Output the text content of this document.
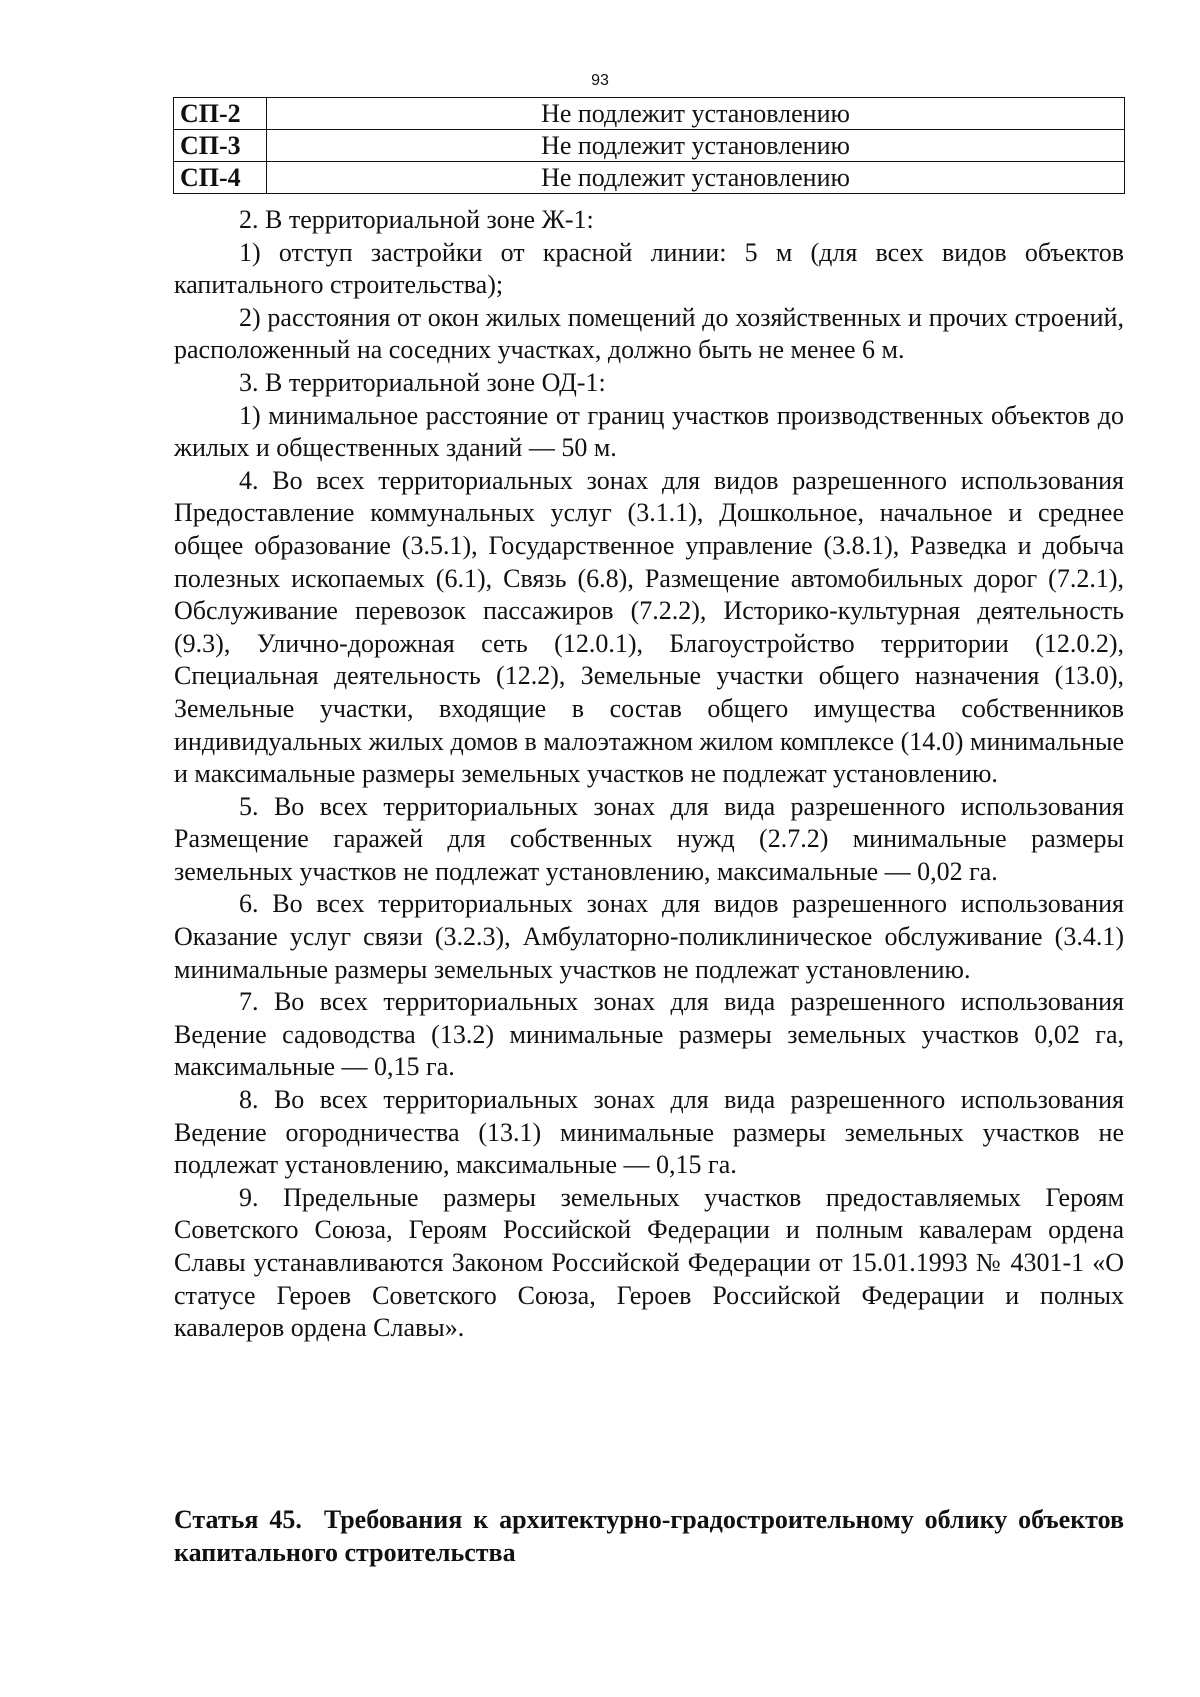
93
СП-2	Не подлежит установлению
СП-3	Не подлежит установлению
СП-4	Не подлежит установлению

2. В территориальной зоне Ж-1:

1) отступ застройки от красной линии: 5 м (для всех видов объектов капитального строительства);

2) расстояния от окон жилых помещений до хозяйственных и прочих строений, расположенный на соседних участках, должно быть не менее 6 м.

3. В территориальной зоне ОД-1:

1) минимальное расстояние от границ участков производственных объектов до жилых и общественных зданий — 50 м.

4. Во всех территориальных зонах для видов разрешенного использования Предоставление коммунальных услуг (3.1.1), Дошкольное, начальное и среднее общее образование (3.5.1), Государственное управление (3.8.1), Разведка и добыча полезных ископаемых (6.1), Связь (6.8), Размещение автомобильных дорог (7.2.1), Обслуживание перевозок пассажиров (7.2.2), Историко-культурная деятельность (9.3), Улично-дорожная сеть (12.0.1), Благоустройство территории (12.0.2), Специальная деятельность (12.2), Земельные участки общего назначения (13.0), Земельные участки, входящие в состав общего имущества собственников индивидуальных жилых домов в малоэтажном жилом комплексе (14.0) минимальные и максимальные размеры земельных участков не подлежат установлению.

5. Во всех территориальных зонах для вида разрешенного использования Размещение гаражей для собственных нужд (2.7.2) минимальные размеры земельных участков не подлежат установлению, максимальные — 0,02 га.

6. Во всех территориальных зонах для видов разрешенного использования Оказание услуг связи (3.2.3), Амбулаторно-поликлиническое обслуживание (3.4.1) минимальные размеры земельных участков не подлежат установлению.

7. Во всех территориальных зонах для вида разрешенного использования Ведение садоводства (13.2) минимальные размеры земельных участков 0,02 га, максимальные — 0,15 га.

8. Во всех территориальных зонах для вида разрешенного использования Ведение огородничества (13.1) минимальные размеры земельных участков не подлежат установлению, максимальные — 0,15 га.

9. Предельные размеры земельных участков предоставляемых Героям Советского Союза, Героям Российской Федерации и полным кавалерам ордена Славы устанавливаются Законом Российской Федерации от 15.01.1993 № 4301-1 «О статусе Героев Советского Союза, Героев Российской Федерации и полных кавалеров ордена Славы».

Статья 45. Требования к архитектурно-градостроительному облику объектов капитального строительства
